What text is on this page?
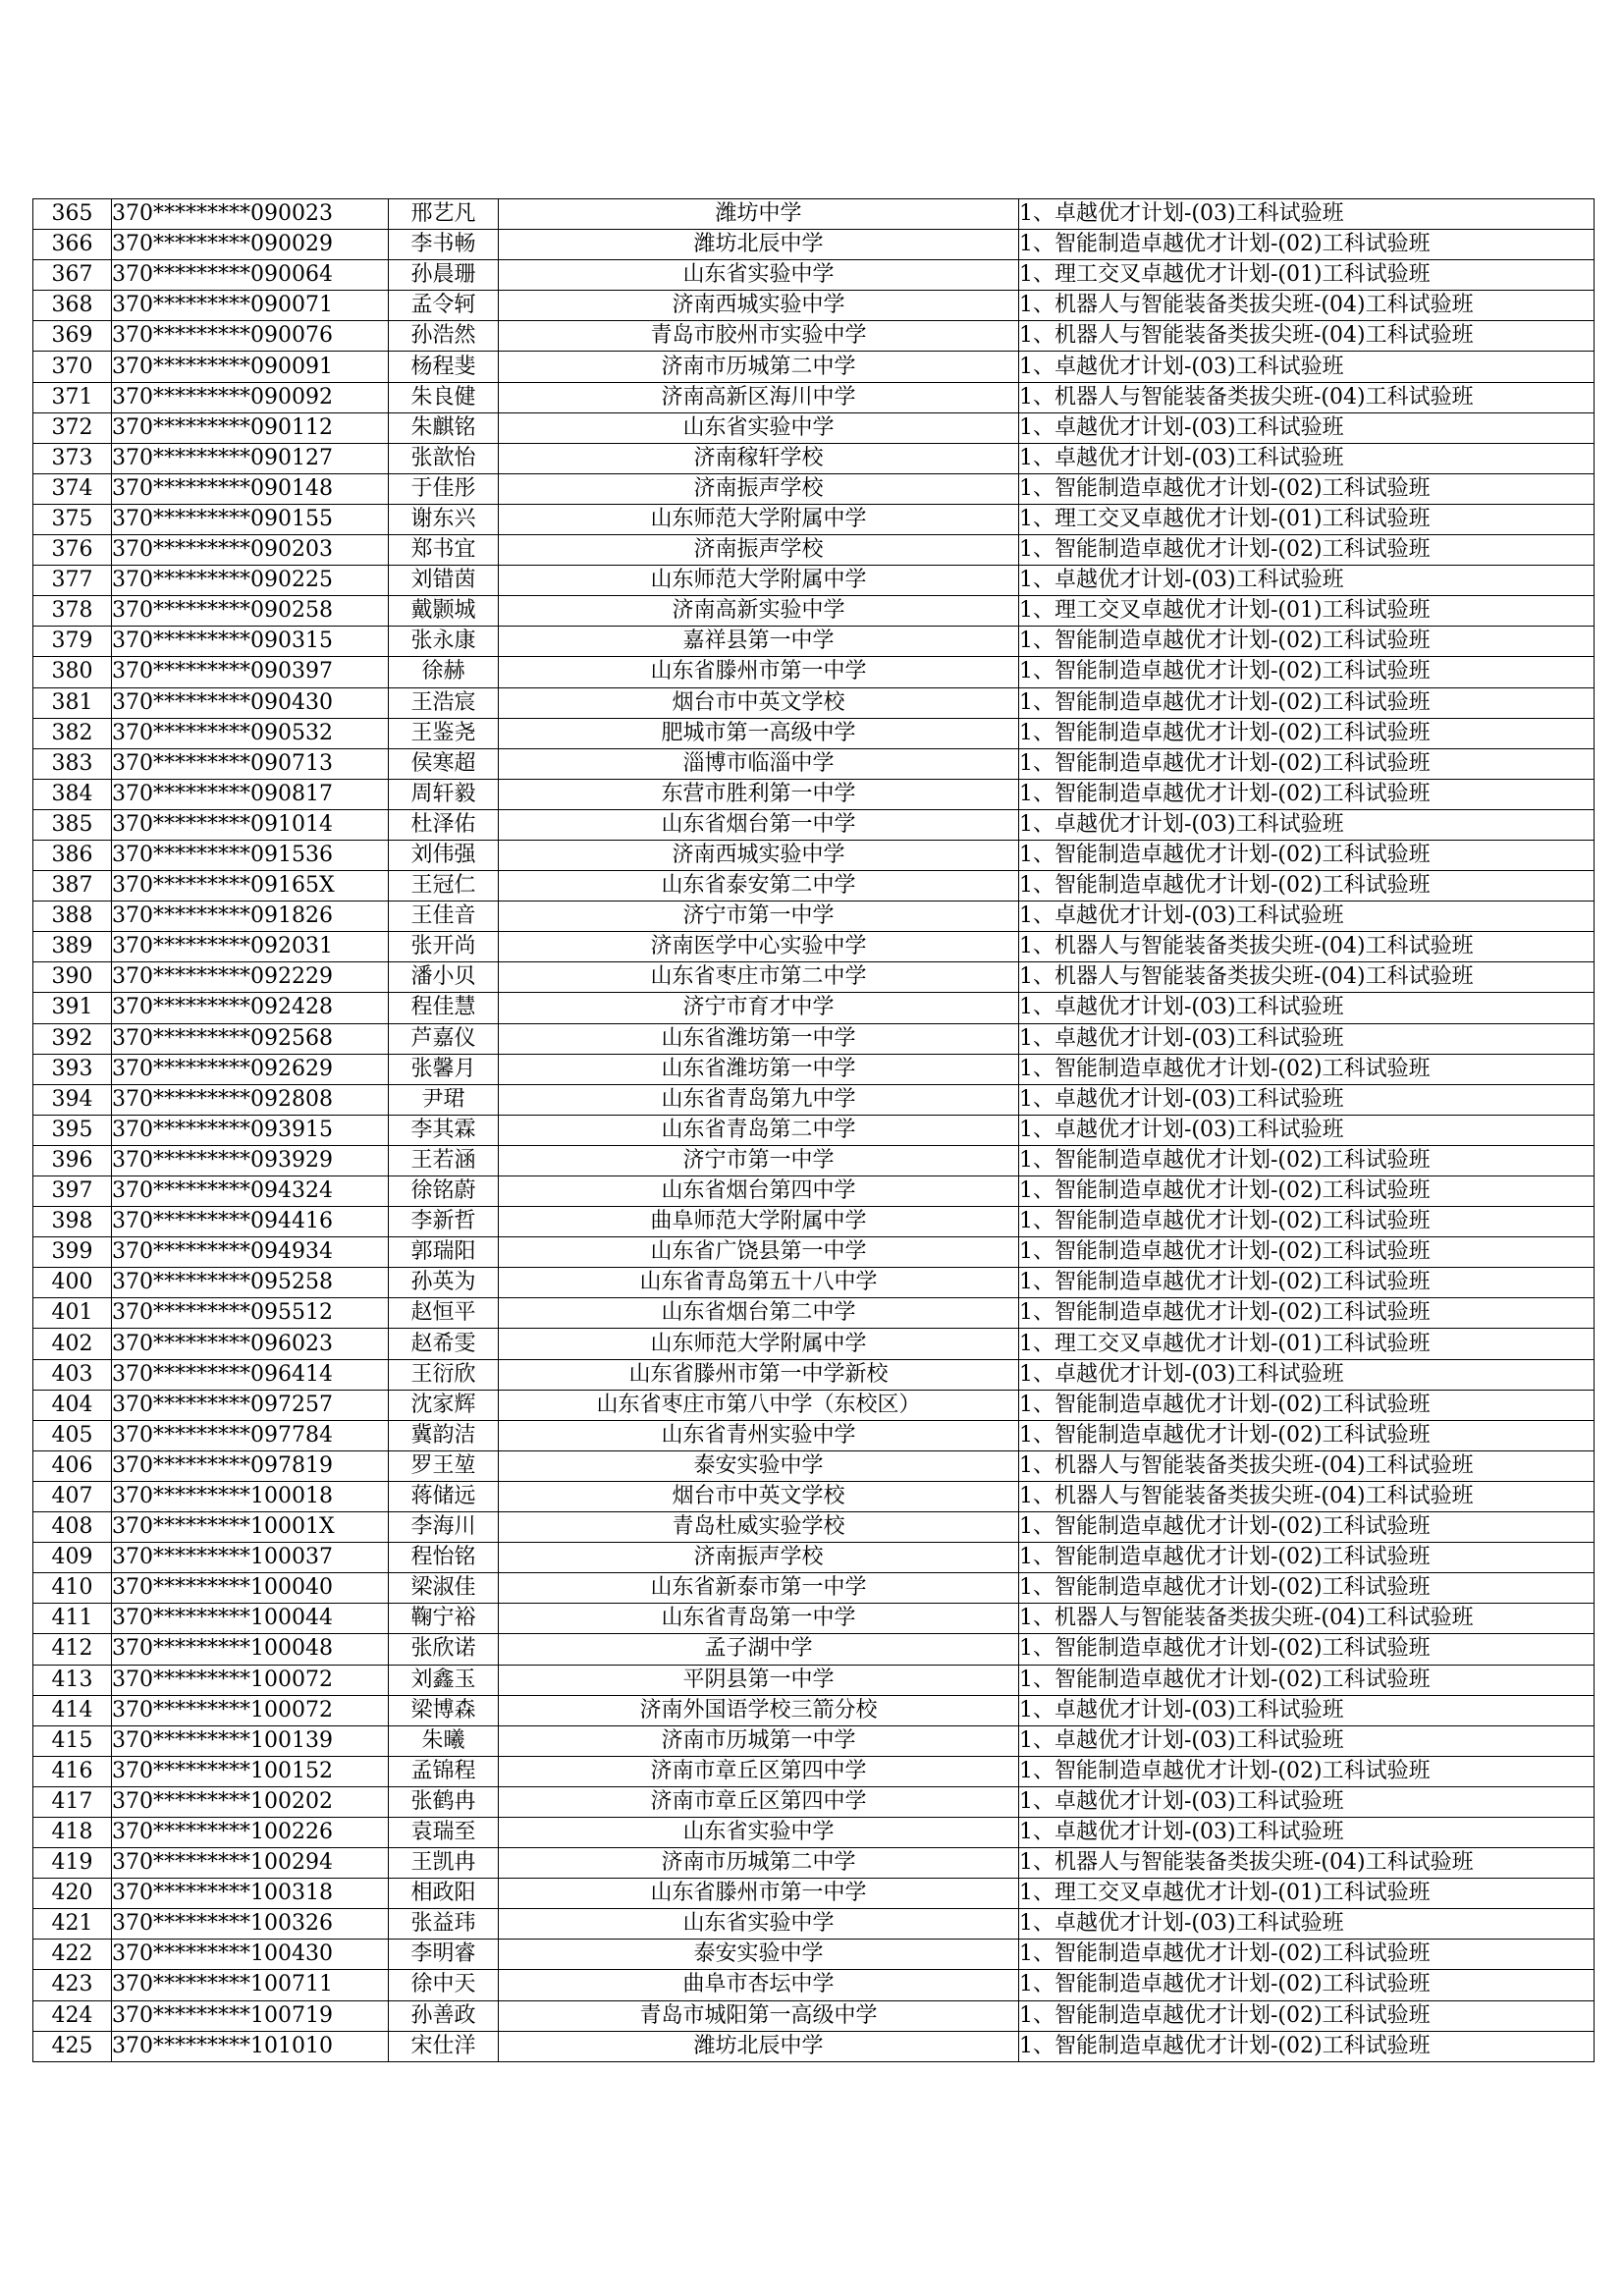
365	370*********090023	邢艺凡	潍坊中学	1、卓越优才计划-(03)工科试验班
366	370*********090029	李书畅	潍坊北辰中学	1、智能制造卓越优才计划-(02)工科试验班
367	370*********090064	孙晨珊	山东省实验中学	1、理工交叉卓越优才计划-(01)工科试验班
368	370*********090071	孟令轲	济南西城实验中学	1、机器人与智能装备类拔尖班-(04)工科试验班
369	370*********090076	孙浩然	青岛市胶州市实验中学	1、机器人与智能装备类拔尖班-(04)工科试验班
370	370*********090091	杨程斐	济南市历城第二中学	1、卓越优才计划-(03)工科试验班
371	370*********090092	朱良健	济南高新区海川中学	1、机器人与智能装备类拔尖班-(04)工科试验班
372	370*********090112	朱麒铭	山东省实验中学	1、卓越优才计划-(03)工科试验班
373	370*********090127	张歆怡	济南稼轩学校	1、卓越优才计划-(03)工科试验班
374	370*********090148	于佳彤	济南振声学校	1、智能制造卓越优才计划-(02)工科试验班
375	370*********090155	谢东兴	山东师范大学附属中学	1、理工交叉卓越优才计划-(01)工科试验班
376	370*********090203	郑书宜	济南振声学校	1、智能制造卓越优才计划-(02)工科试验班
377	370*********090225	刘错茵	山东师范大学附属中学	1、卓越优才计划-(03)工科试验班
378	370*********090258	戴颢城	济南高新实验中学	1、理工交叉卓越优才计划-(01)工科试验班
379	370*********090315	张永康	嘉祥县第一中学	1、智能制造卓越优才计划-(02)工科试验班
380	370*********090397	徐赫	山东省滕州市第一中学	1、智能制造卓越优才计划-(02)工科试验班
381	370*********090430	王浩宸	烟台市中英文学校	1、智能制造卓越优才计划-(02)工科试验班
382	370*********090532	王鉴尧	肥城市第一高级中学	1、智能制造卓越优才计划-(02)工科试验班
383	370*********090713	侯寒超	淄博市临淄中学	1、智能制造卓越优才计划-(02)工科试验班
384	370*********090817	周轩毅	东营市胜利第一中学	1、智能制造卓越优才计划-(02)工科试验班
385	370*********091014	杜泽佑	山东省烟台第一中学	1、卓越优才计划-(03)工科试验班
386	370*********091536	刘伟强	济南西城实验中学	1、智能制造卓越优才计划-(02)工科试验班
387	370*********09165X	王冠仁	山东省泰安第二中学	1、智能制造卓越优才计划-(02)工科试验班
388	370*********091826	王佳音	济宁市第一中学	1、卓越优才计划-(03)工科试验班
389	370*********092031	张开尚	济南医学中心实验中学	1、机器人与智能装备类拔尖班-(04)工科试验班
390	370*********092229	潘小贝	山东省枣庄市第二中学	1、机器人与智能装备类拔尖班-(04)工科试验班
391	370*********092428	程佳慧	济宁市育才中学	1、卓越优才计划-(03)工科试验班
392	370*********092568	芦嘉仪	山东省潍坊第一中学	1、卓越优才计划-(03)工科试验班
393	370*********092629	张馨月	山东省潍坊第一中学	1、智能制造卓越优才计划-(02)工科试验班
394	370*********092808	尹珺	山东省青岛第九中学	1、卓越优才计划-(03)工科试验班
395	370*********093915	李其霖	山东省青岛第二中学	1、卓越优才计划-(03)工科试验班
396	370*********093929	王若涵	济宁市第一中学	1、智能制造卓越优才计划-(02)工科试验班
397	370*********094324	徐铭蔚	山东省烟台第四中学	1、智能制造卓越优才计划-(02)工科试验班
398	370*********094416	李新哲	曲阜师范大学附属中学	1、智能制造卓越优才计划-(02)工科试验班
399	370*********094934	郭瑞阳	山东省广饶县第一中学	1、智能制造卓越优才计划-(02)工科试验班
400	370*********095258	孙英为	山东省青岛第五十八中学	1、智能制造卓越优才计划-(02)工科试验班
401	370*********095512	赵恒平	山东省烟台第二中学	1、智能制造卓越优才计划-(02)工科试验班
402	370*********096023	赵希雯	山东师范大学附属中学	1、理工交叉卓越优才计划-(01)工科试验班
403	370*********096414	王衍欣	山东省滕州市第一中学新校	1、卓越优才计划-(03)工科试验班
404	370*********097257	沈家辉	山东省枣庄市第八中学（东校区）	1、智能制造卓越优才计划-(02)工科试验班
405	370*********097784	冀韵洁	山东省青州实验中学	1、智能制造卓越优才计划-(02)工科试验班
406	370*********097819	罗王堃	泰安实验中学	1、机器人与智能装备类拔尖班-(04)工科试验班
407	370*********100018	蒋储远	烟台市中英文学校	1、机器人与智能装备类拔尖班-(04)工科试验班
408	370*********10001X	李海川	青岛杜威实验学校	1、智能制造卓越优才计划-(02)工科试验班
409	370*********100037	程怡铭	济南振声学校	1、智能制造卓越优才计划-(02)工科试验班
410	370*********100040	梁淑佳	山东省新泰市第一中学	1、智能制造卓越优才计划-(02)工科试验班
411	370*********100044	鞠宁裕	山东省青岛第一中学	1、机器人与智能装备类拔尖班-(04)工科试验班
412	370*********100048	张欣诺	孟子湖中学	1、智能制造卓越优才计划-(02)工科试验班
413	370*********100072	刘鑫玉	平阴县第一中学	1、智能制造卓越优才计划-(02)工科试验班
414	370*********100072	梁博森	济南外国语学校三箭分校	1、卓越优才计划-(03)工科试验班
415	370*********100139	朱曦	济南市历城第一中学	1、卓越优才计划-(03)工科试验班
416	370*********100152	孟锦程	济南市章丘区第四中学	1、智能制造卓越优才计划-(02)工科试验班
417	370*********100202	张鹤冉	济南市章丘区第四中学	1、卓越优才计划-(03)工科试验班
418	370*********100226	袁瑞至	山东省实验中学	1、卓越优才计划-(03)工科试验班
419	370*********100294	王凯冉	济南市历城第二中学	1、机器人与智能装备类拔尖班-(04)工科试验班
420	370*********100318	相政阳	山东省滕州市第一中学	1、理工交叉卓越优才计划-(01)工科试验班
421	370*********100326	张益玮	山东省实验中学	1、卓越优才计划-(03)工科试验班
422	370*********100430	李明睿	泰安实验中学	1、智能制造卓越优才计划-(02)工科试验班
423	370*********100711	徐中天	曲阜市杏坛中学	1、智能制造卓越优才计划-(02)工科试验班
424	370*********100719	孙善政	青岛市城阳第一高级中学	1、智能制造卓越优才计划-(02)工科试验班
425	370*********101010	宋仕洋	潍坊北辰中学	1、智能制造卓越优才计划-(02)工科试验班
